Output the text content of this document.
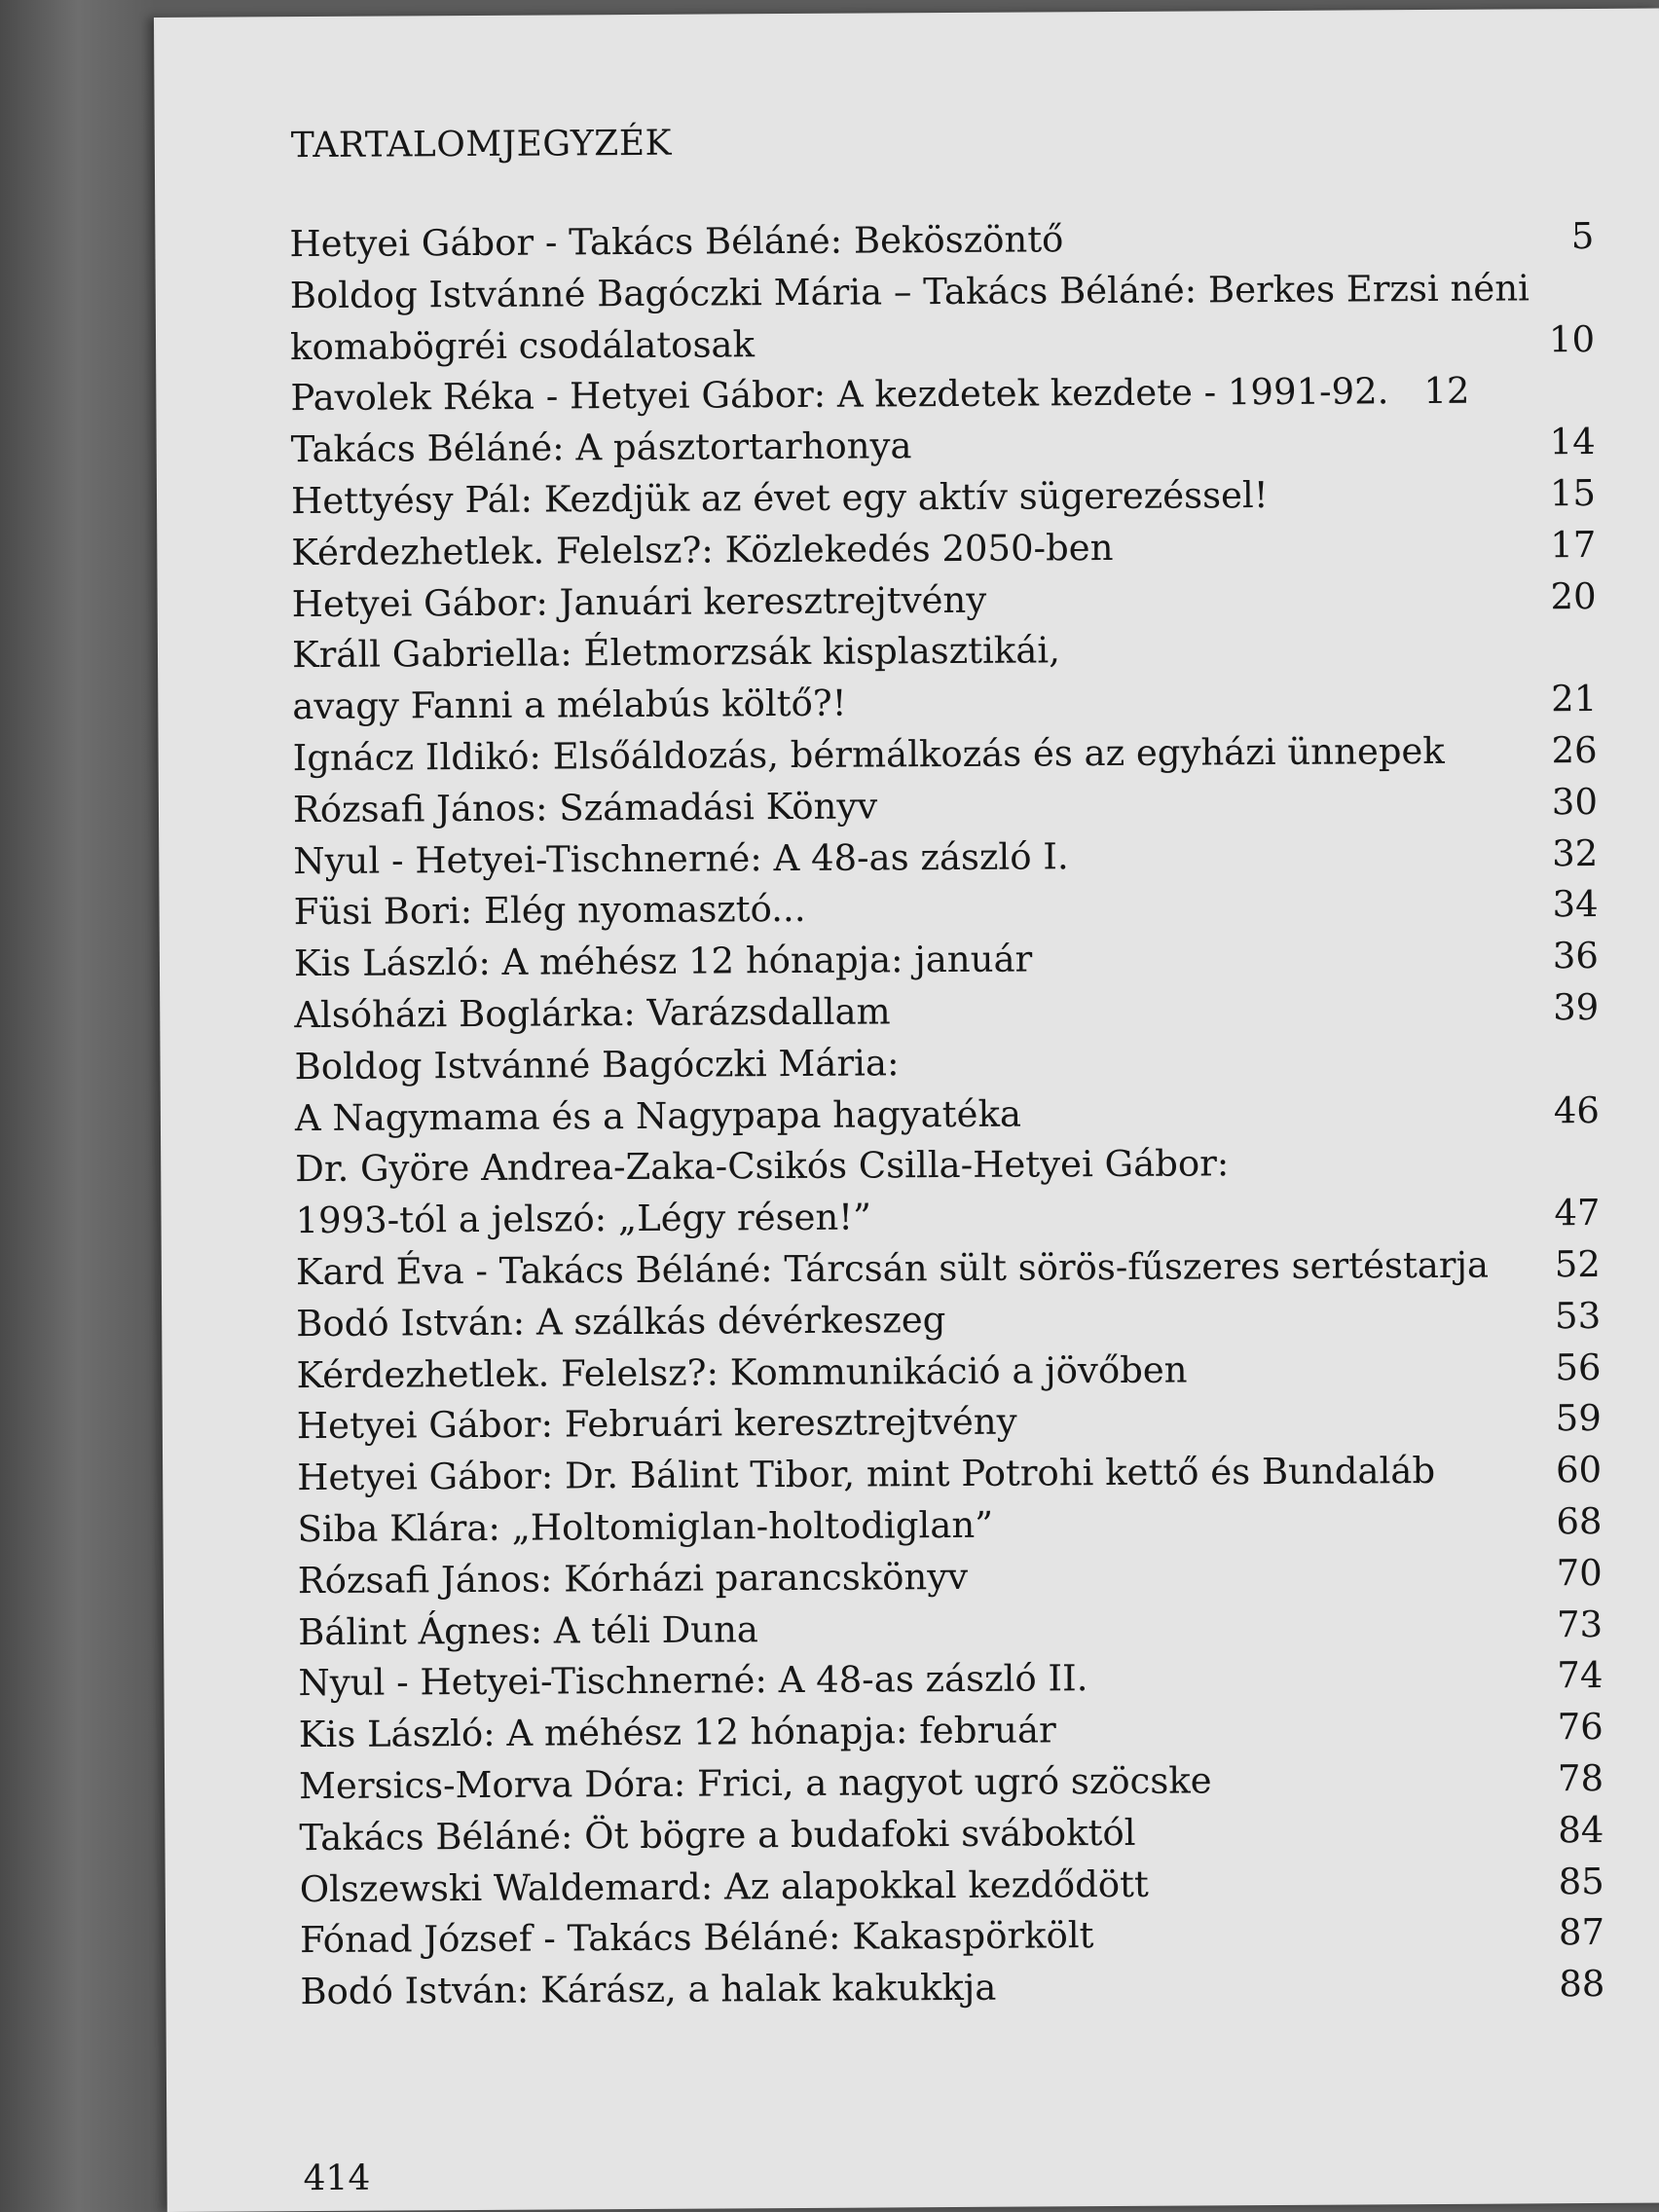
TARTALOMJEGYZÉK
Hetyei Gábor - Takács Béláné: Beköszöntő	5
Boldog Istvánné Bagóczki Mária – Takács Béláné: Berkes Erzsi néni
komabögréi csodálatosak	10
Pavolek Réka - Hetyei Gábor: A kezdetek kezdete - 1991-92. 12
Takács Béláné: A pásztortarhonya	14
Hettyésy Pál: Kezdjük az évet egy aktív sügerezéssel!	15
Kérdezhetlek. Felelsz?: Közlekedés 2050-ben	17
Hetyei Gábor: Januári keresztrejtvény	20
Králl Gabriella: Életmorzsák kisplasztikái,
avagy Fanni a mélabús költő?!	21
Ignácz Ildikó: Elsőáldozás, bérmálkozás és az egyházi ünnepek	26
Rózsafi János: Számadási Könyv	30
Nyul - Hetyei-Tischnerné: A 48-as zászló I.	32
Füsi Bori: Elég nyomasztó...	34
Kis László: A méhész 12 hónapja: január	36
Alsóházi Boglárka: Varázsdallam	39
Boldog Istvánné Bagóczki Mária:
A Nagymama és a Nagypapa hagyatéka	46
Dr. Györe Andrea-Zaka-Csikós Csilla-Hetyei Gábor:
1993-tól a jelszó: „Légy résen!”	47
Kard Éva - Takács Béláné: Tárcsán sült sörös-fűszeres sertéstarja 52
Bodó István: A szálkás dévérkeszeg	53
Kérdezhetlek. Felelsz?: Kommunikáció a jövőben	56
Hetyei Gábor: Februári keresztrejtvény	59
Hetyei Gábor: Dr. Bálint Tibor, mint Potrohi kettő és Bundaláb	60
Siba Klára: „Holtomiglan-holtodiglan”	68
Rózsafi János: Kórházi parancskönyv	70
Bálint Ágnes: A téli Duna	73
Nyul - Hetyei-Tischnerné: A 48-as zászló II.	74
Kis László: A méhész 12 hónapja: február	76
Mersics-Morva Dóra: Frici, a nagyot ugró szöcske	78
Takács Béláné: Öt bögre a budafoki sváboktól	84
Olszewski Waldemard: Az alapokkal kezdődött	85
Fónad József - Takács Béláné: Kakaspörkölt	87
Bodó István: Kárász, a halak kakukkja	88
414
